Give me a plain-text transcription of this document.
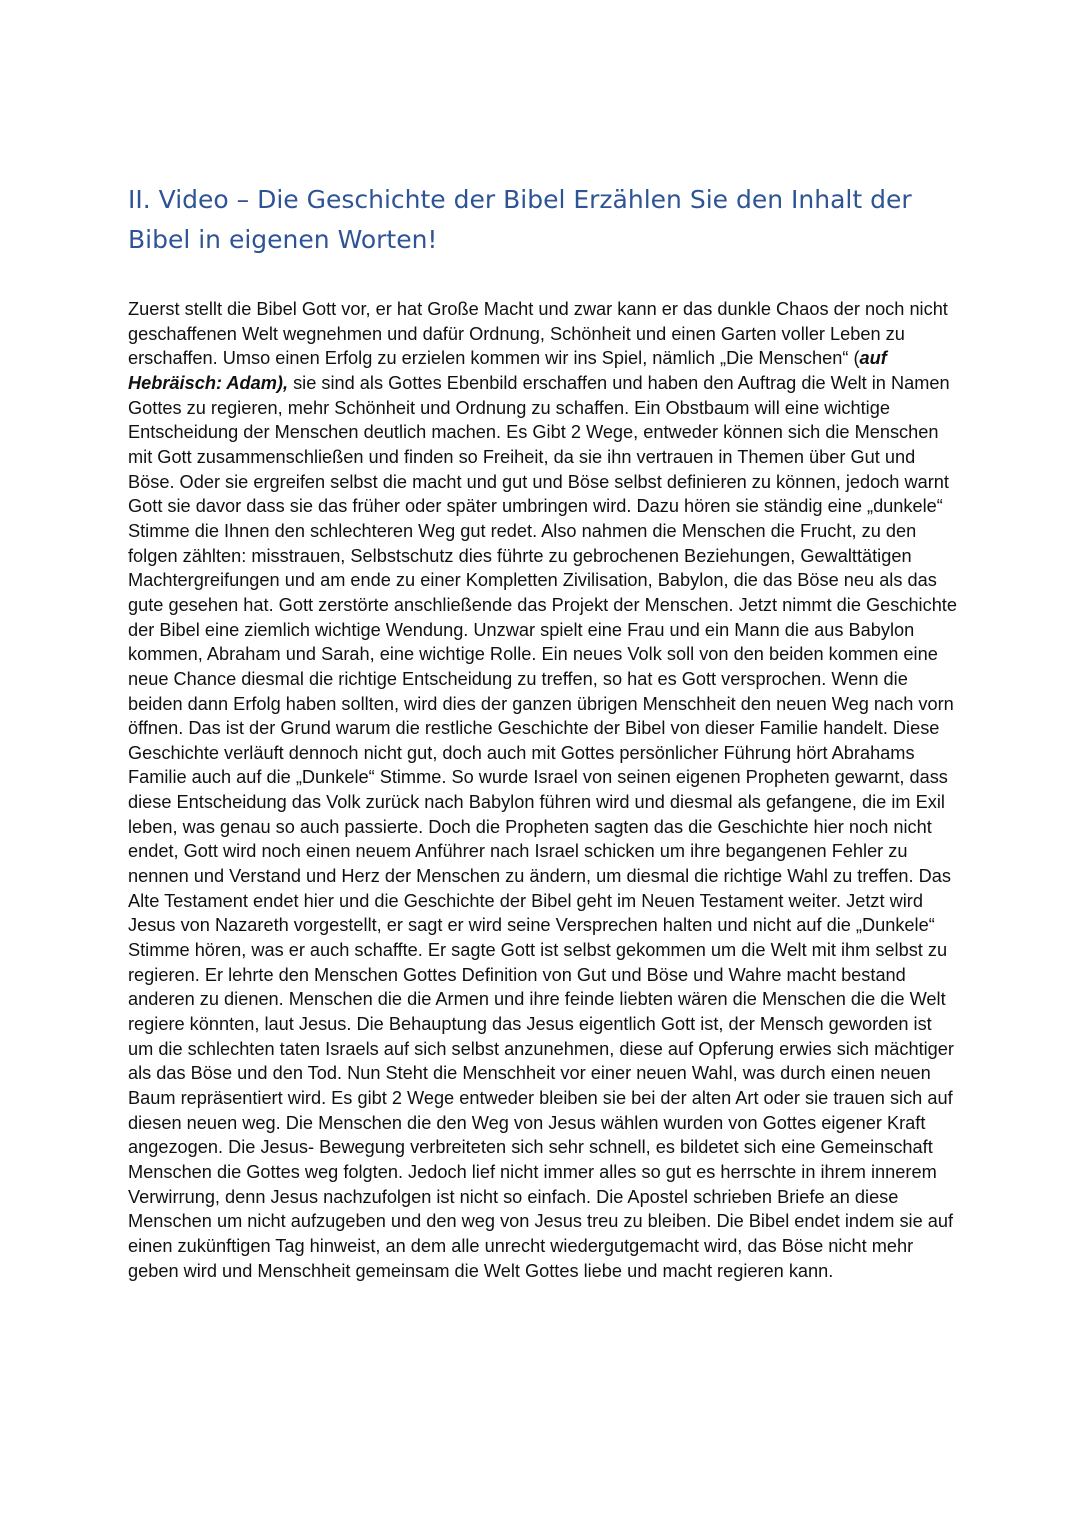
II. Video – Die Geschichte der Bibel Erzählen Sie den Inhalt der Bibel in eigenen Worten!

Zuerst stellt die Bibel Gott vor, er hat Große Macht und zwar kann er das dunkle Chaos der noch nicht geschaffenen Welt wegnehmen und dafür Ordnung, Schönheit und einen Garten voller Leben zu erschaffen. Umso einen Erfolg zu erzielen kommen wir ins Spiel, nämlich „Die Menschen“ (auf Hebräisch: Adam), sie sind als Gottes Ebenbild erschaffen und haben den Auftrag die Welt in Namen Gottes zu regieren, mehr Schönheit und Ordnung zu schaffen. Ein Obstbaum will eine wichtige Entscheidung der Menschen deutlich machen. Es Gibt 2 Wege, entweder können sich die Menschen mit Gott zusammenschließen und finden so Freiheit, da sie ihn vertrauen in Themen über Gut und Böse. Oder sie ergreifen selbst die macht und gut und Böse selbst definieren zu können, jedoch warnt Gott sie davor dass sie das früher oder später umbringen wird. Dazu hören sie ständig eine „dunkele“ Stimme die Ihnen den schlechteren Weg gut redet. Also nahmen die Menschen die Frucht, zu den folgen zählten: misstrauen, Selbstschutz dies führte zu gebrochenen Beziehungen, Gewalttätigen Machtergreifungen und am ende zu einer Kompletten Zivilisation, Babylon, die das Böse neu als das gute gesehen hat. Gott zerstörte anschließende das Projekt der Menschen. Jetzt nimmt die Geschichte der Bibel eine ziemlich wichtige Wendung. Unzwar spielt eine Frau und ein Mann die aus Babylon kommen, Abraham und Sarah, eine wichtige Rolle. Ein neues Volk soll von den beiden kommen eine neue Chance diesmal die richtige Entscheidung zu treffen, so hat es Gott versprochen. Wenn die beiden dann Erfolg haben sollten, wird dies der ganzen übrigen Menschheit den neuen Weg nach vorn öffnen. Das ist der Grund warum die restliche Geschichte der Bibel von dieser Familie handelt. Diese Geschichte verläuft dennoch nicht gut, doch auch mit Gottes persönlicher Führung hört Abrahams Familie auch auf die „Dunkele“ Stimme. So wurde Israel von seinen eigenen Propheten gewarnt, dass diese Entscheidung das Volk zurück nach Babylon führen wird und diesmal als gefangene, die im Exil leben, was genau so auch passierte. Doch die Propheten sagten das die Geschichte hier noch nicht endet, Gott wird noch einen neuem Anführer nach Israel schicken um ihre begangenen Fehler zu nennen und Verstand und Herz der Menschen zu ändern, um diesmal die richtige Wahl zu treffen. Das Alte Testament endet hier und die Geschichte der Bibel geht im Neuen Testament weiter. Jetzt wird Jesus von Nazareth vorgestellt, er sagt er wird seine Versprechen halten und nicht auf die „Dunkele“ Stimme hören, was er auch schaffte. Er sagte Gott ist selbst gekommen um die Welt mit ihm selbst zu regieren. Er lehrte den Menschen Gottes Definition von Gut und Böse und Wahre macht bestand anderen zu dienen. Menschen die die Armen und ihre feinde liebten wären die Menschen die die Welt regiere könnten, laut Jesus. Die Behauptung das Jesus eigentlich Gott ist, der Mensch geworden ist um die schlechten taten Israels auf sich selbst anzunehmen, diese auf Opferung erwies sich mächtiger als das Böse und den Tod. Nun Steht die Menschheit vor einer neuen Wahl, was durch einen neuen Baum repräsentiert wird. Es gibt 2 Wege entweder bleiben sie bei der alten Art oder sie trauen sich auf diesen neuen weg. Die Menschen die den Weg von Jesus wählen wurden von Gottes eigener Kraft angezogen. Die Jesus- Bewegung verbreiteten sich sehr schnell, es bildetet sich eine Gemeinschaft Menschen die Gottes weg folgten. Jedoch lief nicht immer alles so gut es herrschte in ihrem innerem Verwirrung, denn Jesus nachzufolgen ist nicht so einfach. Die Apostel schrieben Briefe an diese Menschen um nicht aufzugeben und den weg von Jesus treu zu bleiben. Die Bibel endet indem sie auf einen zukünftigen Tag hinweist, an dem alle unrecht wiedergutgemacht wird, das Böse nicht mehr geben wird und Menschheit gemeinsam die Welt Gottes liebe und macht regieren kann.
